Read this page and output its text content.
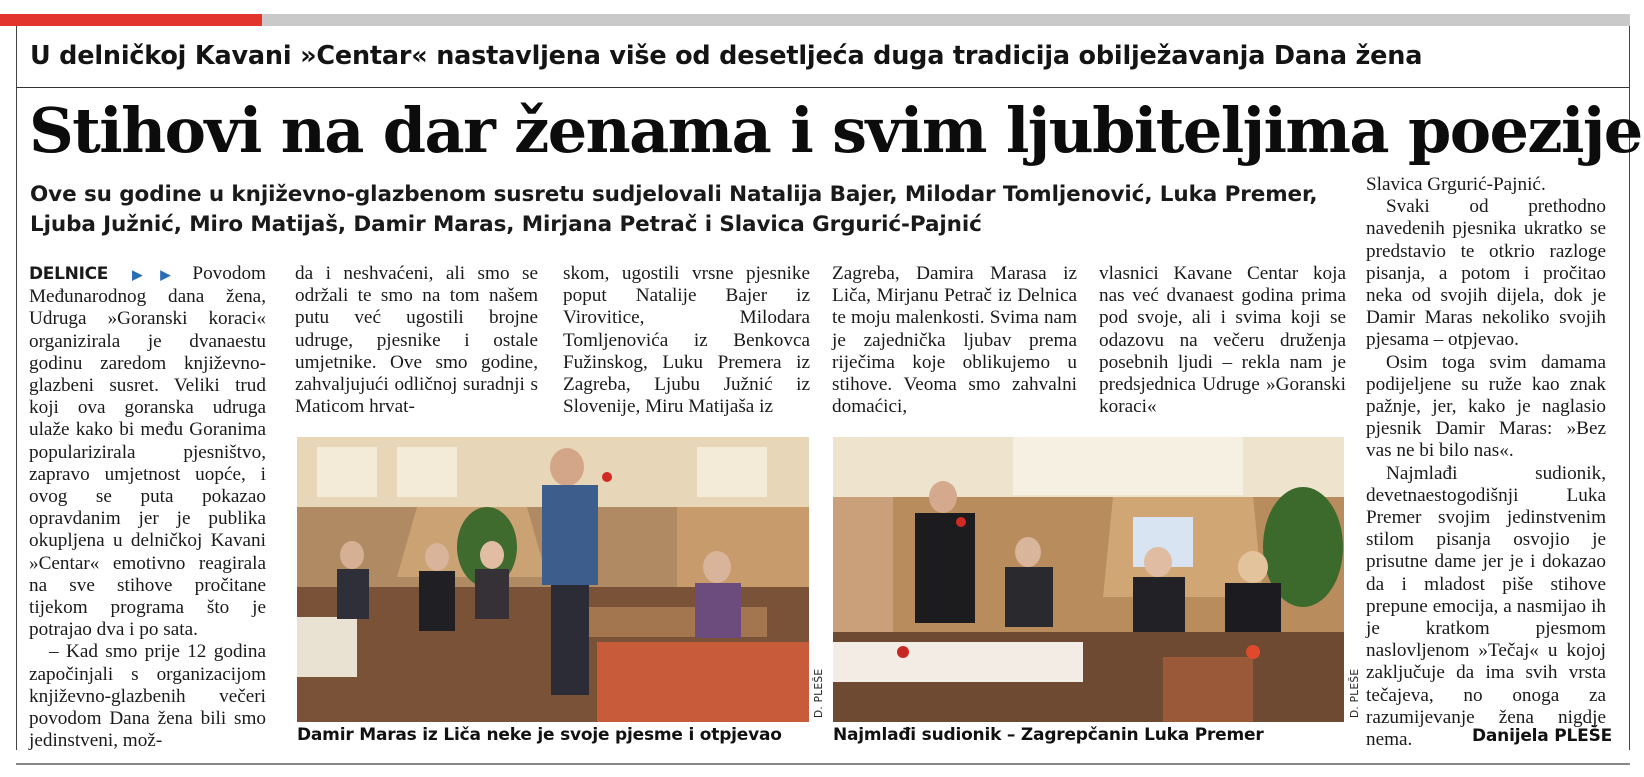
U delničkoj Kavani »Centar« nastavljena više od desetljeća duga tradicija obilježavanja Dana žena
Stihovi na dar ženama i svim ljubiteljima poezije
Ove su godine u književno-glazbenom susretu sudjelovali Natalija Bajer, Milodar Tomljenović, Luka Premer, Ljuba Južnić, Miro Matijaš, Damir Maras, Mirjana Petrač i Slavica Grgurić-Pajnić

DELNICE ▶▶ Povodom Međunarodnog dana žena, Udruga »Goranski koraci« organizirala je dvanaestu godinu zaredom književno-glazbeni susret. Veliki trud koji ova goranska udruga ulaže kako bi među Goranima popularizirala pjesništvo, zapravo umjetnost uopće, i ovog se puta pokazao opravdanim jer je publika okupljena u delničkoj Kavani »Centar« emotivno reagirala na sve stihove pročitane tijekom programa što je potrajao dva i po sata.

– Kad smo prije 12 godina započinjali s organizacijom književno-glazbenih večeri povodom Dana žena bili smo jedinstveni, mož-

da i neshvaćeni, ali smo se održali te smo na tom našem putu već ugostili brojne udruge, pjesnike i ostale umjetnike. Ove smo godine, zahvaljujući odličnoj suradnji s Maticom hrvat-

skom, ugostili vrsne pjesnike poput Natalije Bajer iz Virovitice, Milodara Tomljenovića iz Benkovca Fužinskog, Luku Premera iz Zagreba, Ljubu Južnić iz Slovenije, Miru Matijaša iz

Zagreba, Damira Marasa iz Liča, Mirjanu Petrač iz Delnica te moju malenkosti. Svima nam je zajednička ljubav prema riječima koje oblikujemo u stihove. Veoma smo zahvalni domaćici,

vlasnici Kavane Centar koja nas već dvanaest godina prima pod svoje, ali i svima koji se odazovu na večeru druženja posebnih ljudi – rekla nam je predsjednica Udruge »Goranski koraci«

Slavica Grgurić-Pajnić.

Svaki od prethodno navedenih pjesnika ukratko se predstavio te otkrio razloge pisanja, a potom i pročitao neka od svojih dijela, dok je Damir Maras nekoliko svojih pjesama – otpjevao.

Osim toga svim damama podijeljene su ruže kao znak pažnje, jer, kako je naglasio pjesnik Damir Maras: »Bez vas ne bi bilo nas«.

Najmlađi sudionik, devetnaestogodišnji Luka Premer svojim jedinstvenim stilom pisanja osvojio je prisutne dame jer je i dokazao da i mladost piše stihove prepune emocija, a nasmijao ih je kratkom pjesmom naslovljenom »Tečaj« u kojoj zaključuje da ima svih vrsta tečajeva, no onoga za razumijevanje žena nigdje nema.

D. PLEŠE	D. PLEŠE
Damir Maras iz Liča neke je svoje pjesme i otpjevao	Najmlađi sudionik – Zagrepčanin Luka Premer	Danijela PLEŠE
